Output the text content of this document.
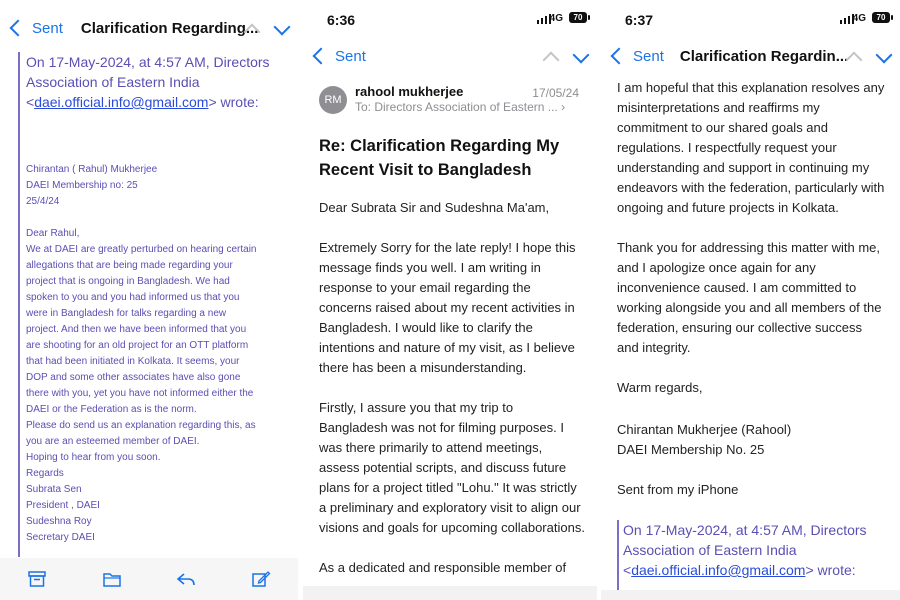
Sent Clarification Regarding...
On 17-May-2024, at 4:57 AM, Directors
Association of Eastern India
<daei.official.info@gmail.com> wrote:

Chirantan ( Rahul) Mukherjee

DAEI Membership no: 25

25/4/24

Dear Rahul,

We at DAEI are greatly perturbed on hearing certain

allegations that are being made regarding your

project that is ongoing in Bangladesh. We had

spoken to you and you had informed us that you

were in Bangladesh for talks regarding a new

project. And then we have been informed that you

are shooting for an old project for an OTT platform

that had been initiated in Kolkata. It seems, your

DOP and some other associates have also gone

there with you, yet you have not informed either the

DAEI or the Federation as is the norm.

Please do send us an explanation regarding this, as

you are an esteemed member of DAEI.

Hoping to hear from you soon.

Regards

Subrata Sen

President , DAEI

Sudeshna Roy

Secretary DAEI

6:36	4G	70
Sent
RM
rahool mukherjee	17/05/24
To: Directors Association of Eastern ... ›
Re: Clarification Regarding My Recent Visit to Bangladesh

Dear Subrata Sir and Sudeshna Ma'am,

Extremely Sorry for the late reply! I hope this message finds you well. I am writing in response to your email regarding the concerns raised about my recent activities in Bangladesh. I would like to clarify the intentions and nature of my visit, as I believe there has been a misunderstanding.

Firstly, I assure you that my trip to Bangladesh was not for filming purposes. I was there primarily to attend meetings, assess potential scripts, and discuss future plans for a project titled "Lohu." It was strictly a preliminary and exploratory visit to align our visions and goals for upcoming collaborations.

As a dedicated and responsible member of

6:37	4G	70
Sent Clarification Regardin...

I am hopeful that this explanation resolves any misinterpretations and reaffirms my commitment to our shared goals and regulations. I respectfully request your understanding and support in continuing my endeavors with the federation, particularly with ongoing and future projects in Kolkata.

Thank you for addressing this matter with me, and I apologize once again for any inconvenience caused. I am committed to working alongside you and all members of the federation, ensuring our collective success and integrity.

Warm regards,

Chirantan Mukherjee (Rahool)
DAEI Membership No. 25
Sent from my iPhone
On 17-May-2024, at 4:57 AM, Directors
Association of Eastern India
<daei.official.info@gmail.com> wrote:
